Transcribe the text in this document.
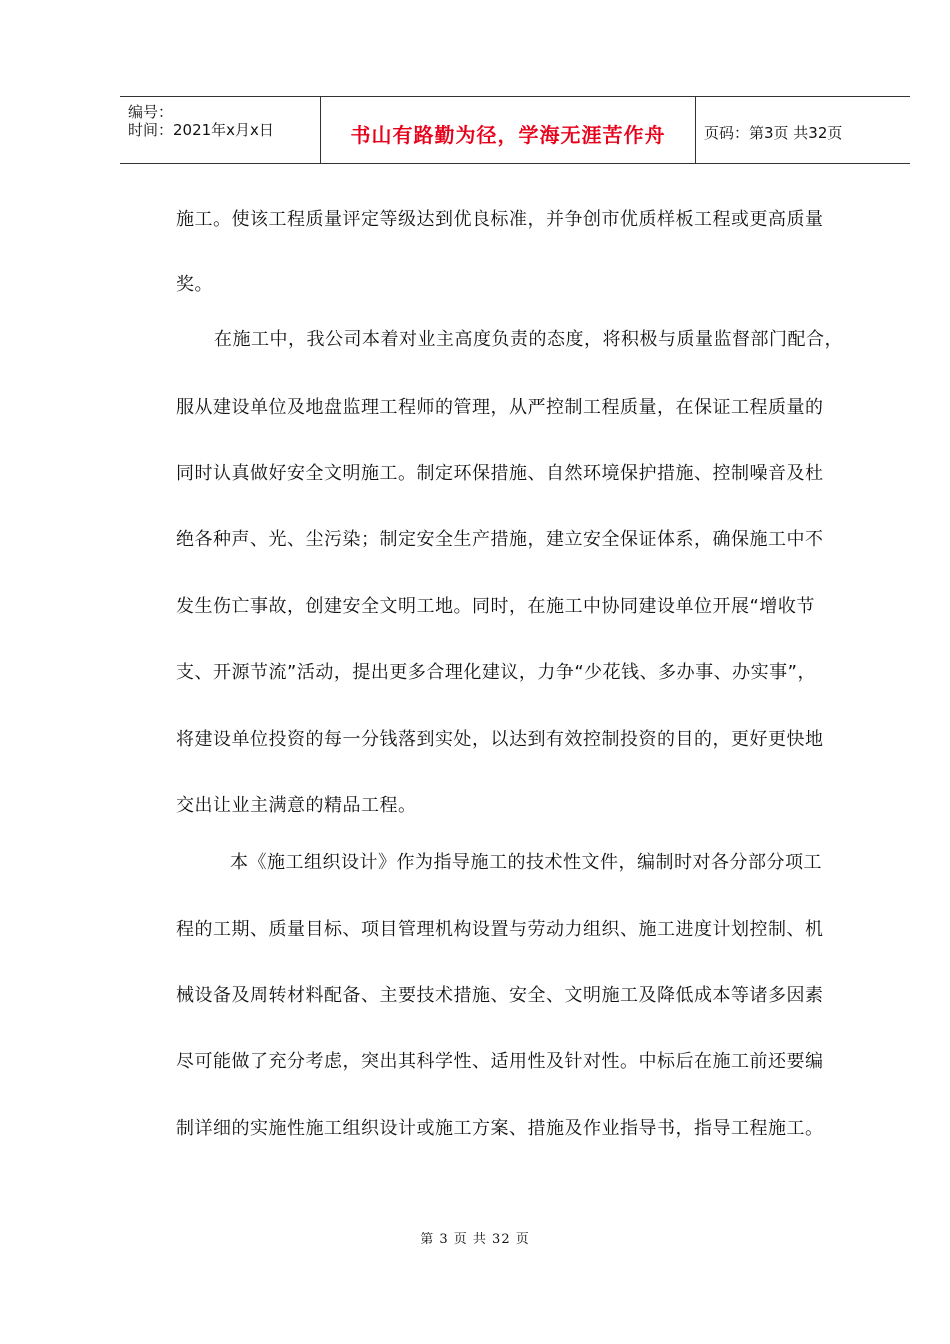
编号：
时间：2021年x月x日	书山有路勤为径，学海无涯苦作舟	页码：第3页 共32页
施工。使该工程质量评定等级达到优良标准，并争创市优质样板工程或更高质量
奖。
在施工中，我公司本着对业主高度负责的态度，将积极与质量监督部门配合，
服从建设单位及地盘监理工程师的管理，从严控制工程质量，在保证工程质量的
同时认真做好安全文明施工。制定环保措施、自然环境保护措施、控制噪音及杜
绝各种声、光、尘污染；制定安全生产措施，建立安全保证体系，确保施工中不
发生伤亡事故，创建安全文明工地。同时，在施工中协同建设单位开展“增收节
支、开源节流”活动，提出更多合理化建议，力争“少花钱、多办事、办实事”，
将建设单位投资的每一分钱落到实处，以达到有效控制投资的目的，更好更快地
交出让业主满意的精品工程。
本《施工组织设计》作为指导施工的技术性文件，编制时对各分部分项工
程的工期、质量目标、项目管理机构设置与劳动力组织、施工进度计划控制、机
械设备及周转材料配备、主要技术措施、安全、文明施工及降低成本等诸多因素
尽可能做了充分考虑，突出其科学性、适用性及针对性。中标后在施工前还要编
制详细的实施性施工组织设计或施工方案、措施及作业指导书，指导工程施工。
第 3 页 共 32 页
